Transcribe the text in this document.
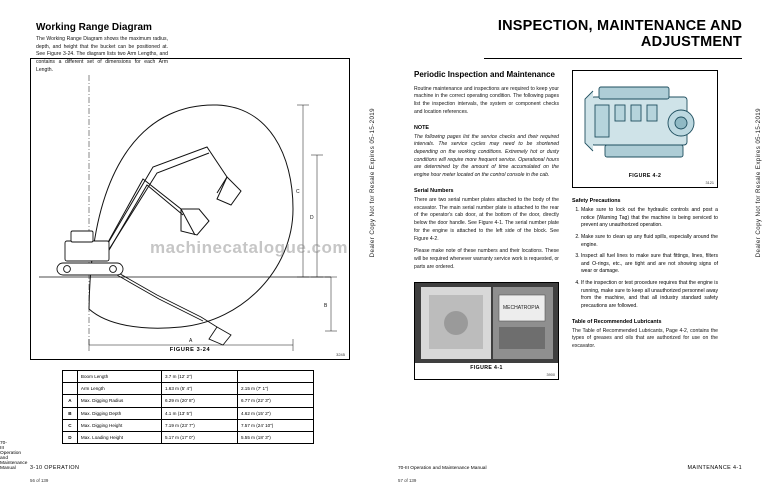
Working Range Diagram
The Working Range Diagram shows the maximum radius, depth, and height that the bucket can be positioned at. See Figure 3-24. The diagram lists two Arm Lengths, and contains a different set of dimensions for each Arm Length.
Dealer Copy Not for Resale Expires 05-15-2019
C
D
A
B
FIGURE 3-24
3245
	Boom Length	3.7 m (12' 2")	
	Arm Length	1.63 m (5' 4")	2.15 m (7' 1")
A	Max. Digging Radius	6.29 m (20' 8")	6.77 m (22' 3")
B	Max. Digging Depth	4.1 m (13' 5")	4.62 m (15' 2")
C	Max. Digging Height	7.19 m (23' 7")	7.57 m (24' 10")
D	Max. Loading Height	5.17 m (17' 0")	5.55 m (18' 3")
3-10 OPERATION
70-III Operation and Maintenance Manual
56 of 139
INSPECTION, MAINTENANCE AND ADJUSTMENT
Dealer Copy Not for Resale Expires 05-15-2019
Periodic Inspection and Maintenance
Routine maintenance and inspections are required to keep your machine in the correct operating condition. The following pages list the inspection intervals, the system or component checks and location references.
NOTE
The following pages list the service checks and their required intervals. The service cycles may need to be shortened depending on the working conditions. Extremely hot or dusty conditions will require more frequent service. Operational hours are determined by the amount of time accumulated on the engine hour meter located on the control console in the cab.
Serial Numbers
There are two serial number plates attached to the body of the excavator. The main serial number plate is attached to the rear of the operator's cab door, at the bottom of the door, directly below the door handle. See Figure 4-1. The serial number plate for the engine is attached to the left side of the block. See Figure 4-2.
Please make note of these numbers and their locations. These will be required whenever warranty service work is requested, or parts are ordered.
MECHATROPIA
FIGURE 4-1
3900
FIGURE 4-2
3121
Safety Precautions
1. Make sure to lock out the hydraulic controls and post a notice (Warning Tag) that the machine is being serviced to prevent any unauthorized operation.
2. Make sure to clean up any fluid spills, especially around the engine.
3. Inspect all fuel lines to make sure that fittings, lines, filters and O-rings, etc., are tight and are not showing signs of wear or damage.
4. If the inspection or test procedure requires that the engine is running, make sure to keep all unauthorized personnel away from the machine, and that all industry standard safety precautions are followed.
Table of Recommended Lubricants
The Table of Recommended Lubricants, Page 4-2, contains the types of greases and oils that are authorized for use on the excavator.
70-III Operation and Maintenance Manual	MAINTENANCE 4-1
57 of 139
machinecatalogue.com
